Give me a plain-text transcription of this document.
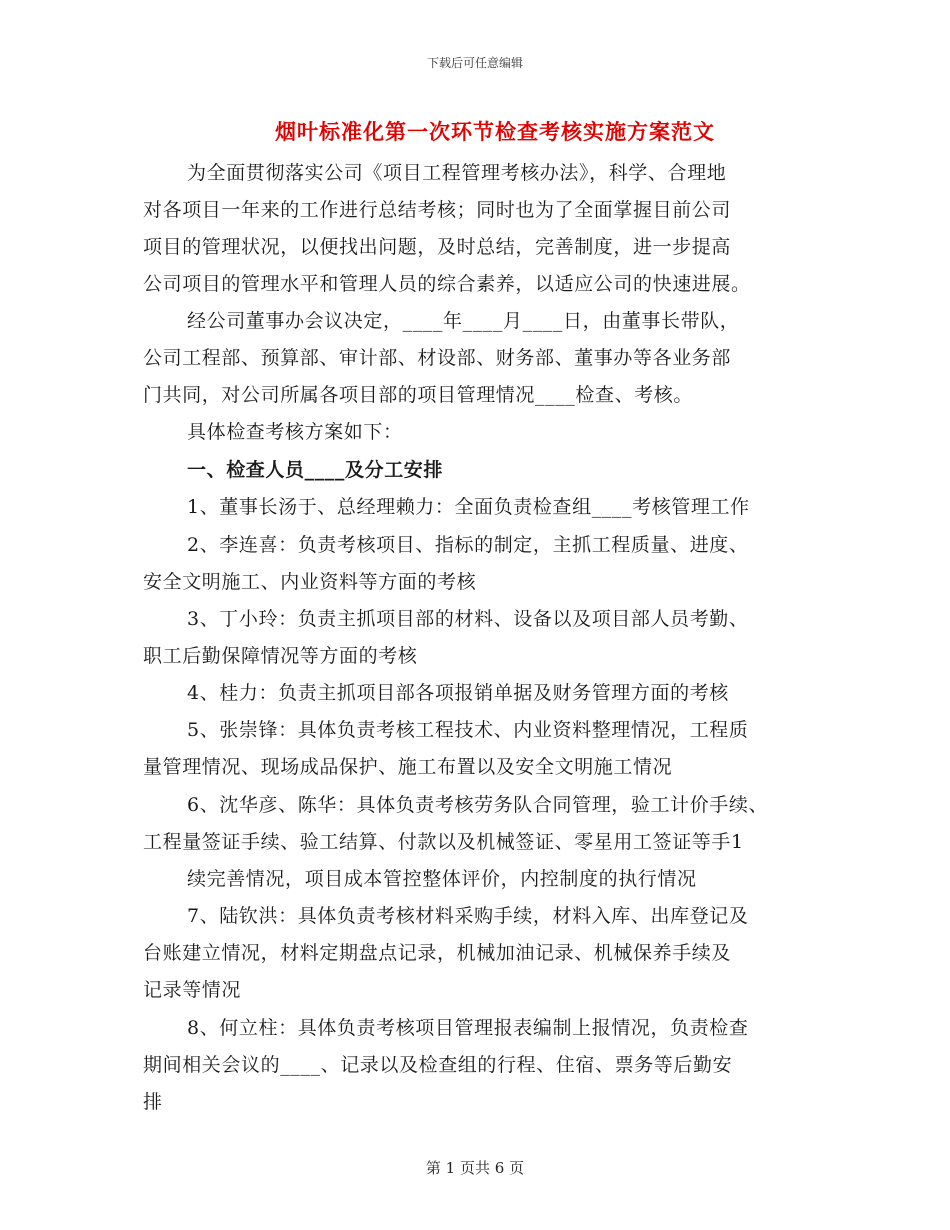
下载后可任意编辑
烟叶标准化第一次环节检查考核实施方案范文
为全面贯彻落实公司《项目工程管理考核办法》，科学、合理地
对各项目一年来的工作进行总结考核；同时也为了全面掌握目前公司
项目的管理状况，以便找出问题，及时总结，完善制度，进一步提高
公司项目的管理水平和管理人员的综合素养，以适应公司的快速进展。
经公司董事办会议决定，____年____月____日，由董事长带队，
公司工程部、预算部、审计部、材设部、财务部、董事办等各业务部
门共同，对公司所属各项目部的项目管理情况____检查、考核。
具体检查考核方案如下：
一、检查人员____及分工安排
1、董事长汤于、总经理赖力：全面负责检查组____考核管理工作
2、李连喜：负责考核项目、指标的制定，主抓工程质量、进度、
安全文明施工、内业资料等方面的考核
3、丁小玲：负责主抓项目部的材料、设备以及项目部人员考勤、
职工后勤保障情况等方面的考核
4、桂力：负责主抓项目部各项报销单据及财务管理方面的考核
5、张崇锋：具体负责考核工程技术、内业资料整理情况，工程质
量管理情况、现场成品保护、施工布置以及安全文明施工情况
6、沈华彦、陈华：具体负责考核劳务队合同管理，验工计价手续、
工程量签证手续、验工结算、付款以及机械签证、零星用工签证等手1
续完善情况，项目成本管控整体评价，内控制度的执行情况
7、陆钦洪：具体负责考核材料采购手续，材料入库、出库登记及
台账建立情况，材料定期盘点记录，机械加油记录、机械保养手续及
记录等情况
8、何立柱：具体负责考核项目管理报表编制上报情况，负责检查
期间相关会议的____、记录以及检查组的行程、住宿、票务等后勤安
排
第 1 页共 6 页
